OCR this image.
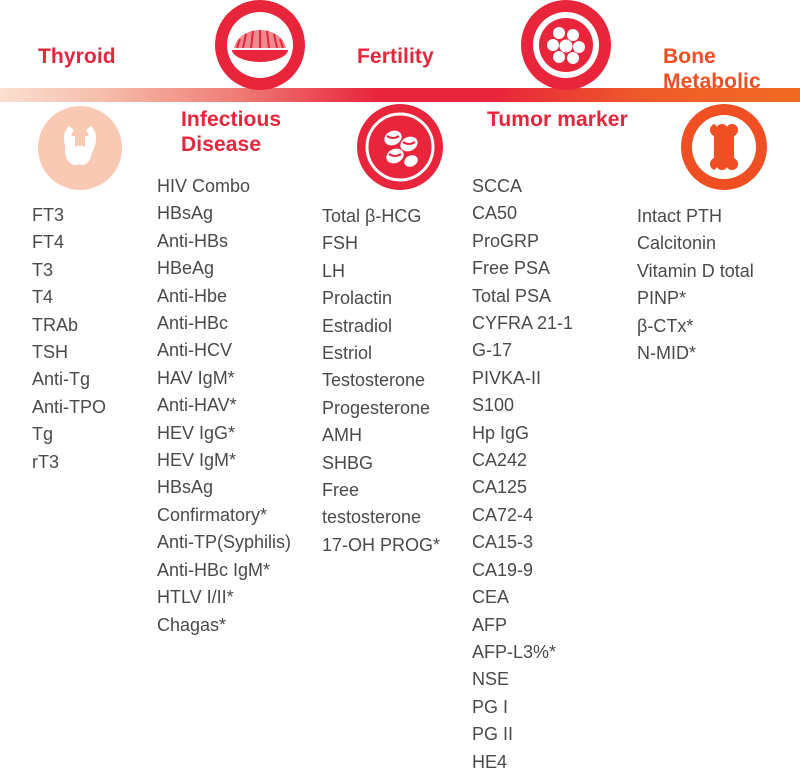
Thyroid
Infectious
Disease
Fertility
Tumor marker
Bone
Metabolic
FT3
FT4
T3
T4
TRAb
TSH
Anti-Tg
Anti-TPO
Tg
rT3
HIV Combo
HBsAg
Anti-HBs
HBeAg
Anti-Hbe
Anti-HBc
Anti-HCV
HAV IgM*
Anti-HAV*
HEV IgG*
HEV IgM*
HBsAg
Confirmatory*
Anti-TP(Syphilis)
Anti-HBc IgM*
HTLV I/II*
Chagas*
Total β-HCG
FSH
LH
Prolactin
Estradiol
Estriol
Testosterone
Progesterone
AMH
SHBG
Free
testosterone
17-OH PROG*
SCCA
CA50
ProGRP
Free PSA
Total PSA
CYFRA 21-1
G-17
PIVKA-II
S100
Hp IgG
CA242
CA125
CA72-4
CA15-3
CA19-9
CEA
AFP
AFP-L3%*
NSE
PG I
PG II
HE4
Intact PTH
Calcitonin
Vitamin D total
PINP*
β-CTx*
N-MID*
